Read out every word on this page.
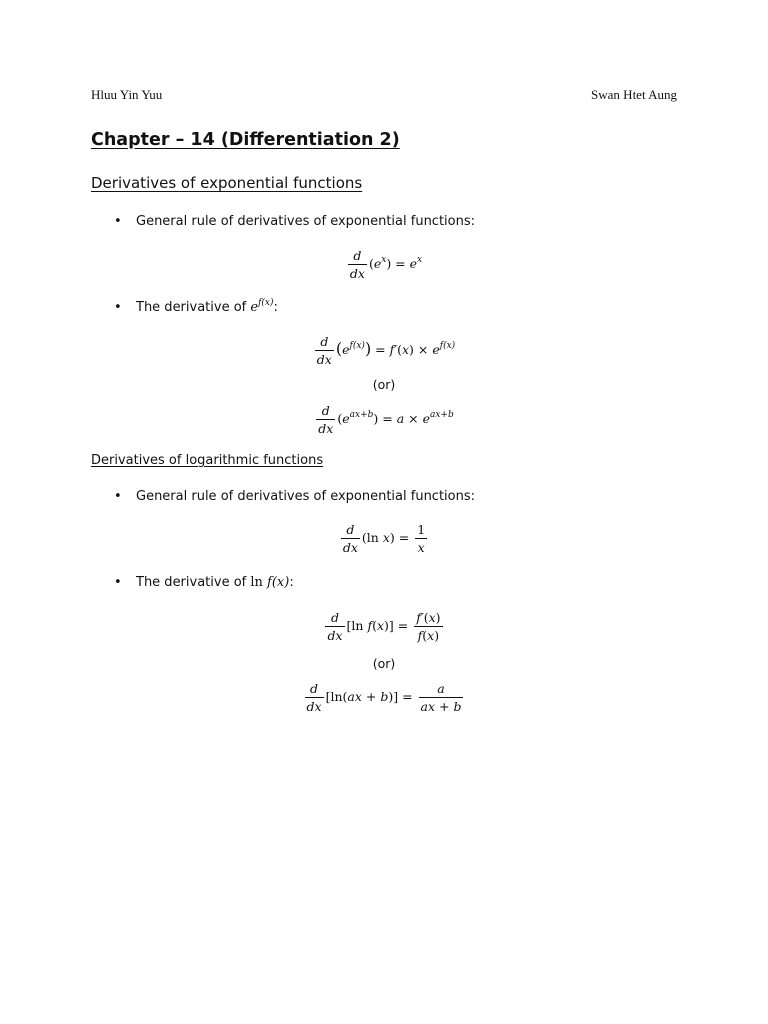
Hluu Yin Yuu	Swan Htet Aung
Chapter – 14 (Differentiation 2)
Derivatives of exponential functions
• General rule of derivatives of exponential functions:
$\frac{d}{dx} (e^x) = e^x$
• The derivative of $e^{f(x)}$:
$\frac{d}{dx} (e^{f(x)}) = f'(x) \times e^{f(x)}$
(or)
$\frac{d}{dx} (e^{ax+b}) = a \times e^{ax+b}$
Derivatives of logarithmic functions
• General rule of derivatives of exponential functions:
$\frac{d}{dx} (\ln$ $x) = \frac{1}{x}$
• The derivative of ln f(x):
$\frac{d}{dx} [\ln$ $f(x)] = \frac{f'(x)}{f(x)}$
(or)
$\frac{d}{dx} [\ln(ax + b)] = \frac{a}{ax + b}$
